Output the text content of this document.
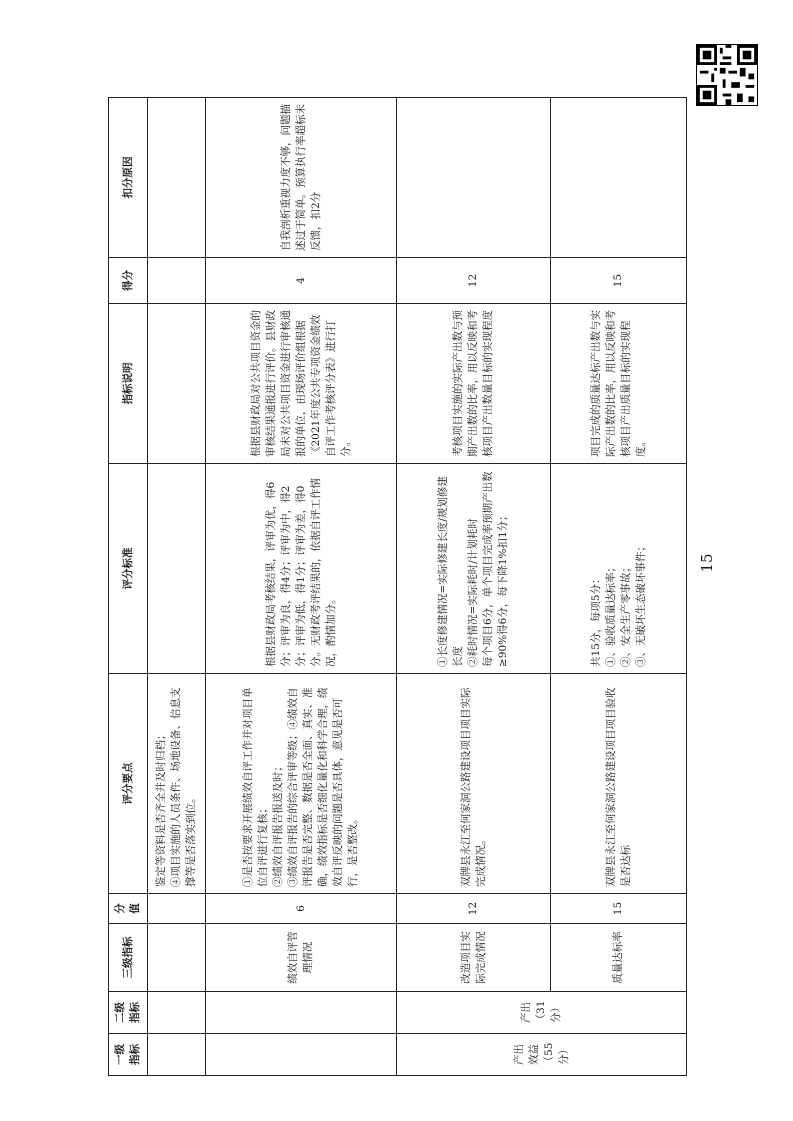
一级指标	二级指标	三级指标	分值	评分要点	评分标准	指标说明	得分	扣分原因
				鉴定等资料是否齐全并及时归档；
④项目实施的人员条件、场地设备、信息支撑等是否落实到位。				
		绩效自评管理情况	6	①是否按要求开展绩效自评工作并对项目单位自评进行复核；
②绩效自评报告报送及时；
③绩效自评报告的综合评审等级；④绩效自评报告是否完整、数据是否全面、真实、准确，绩效指标是否细化量化和科学合理，绩效自评反映的问题是否具体，意见是否可行，是否整改。	根据县财政局考核结果，评审为优，得6分；评审为良，得4分；评审为中，得2分；评审为低，得1分；评审为差，得0分。无财政考评结果的，依据自评工作情况，酌情加分。	根据县财政局对公共项目资金的审核结果通报进行评价。县财政局未对公共项目资金进行审核通报的单位，由现场评价组根据《2021年度公共专项资金绩效自评工作考核评分表》进行打分。	4	自我剖析重视力度不够，问题描述过于简单。预算执行率超标未反馈，扣2分
产出效益（55分）	产出（31分）	改造项目实际完成情况	12	双牌县永江至何家洞公路建设项目项目实际完成情况。	①长度修建情况=实际修建长度/规划修建长度
②耗时情况=实际耗时/计划耗时
每个项目6分，单个项目完成率预期产出数≥90%得6分，每下降1%扣1分；	考核项目实施的实际产出数与预期产出数的比率，用以反映和考核项目产出数量目标的实现程度	12	
		质量达标率	15	双牌县永江至何家洞公路建设项目项目验收是否达标	共15分，每项5分：
①、验收质量达标率；
②、安全生产零事故；
③、无破坏生态破坏事件；	项目完成的质量达标产出数与实际产出数的比率，用以反映和考核项目产出质量目标的实现程度。	15	
15
